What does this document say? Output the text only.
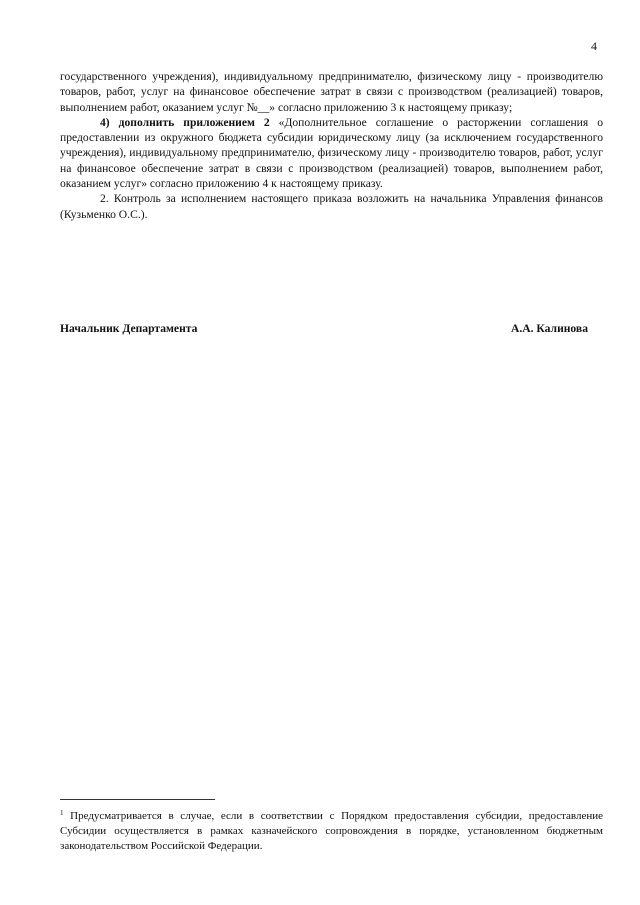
4

государственного учреждения), индивидуальному предпринимателю, физическому лицу - производителю товаров, работ, услуг на финансовое обеспечение затрат в связи с производством (реализацией) товаров, выполнением работ, оказанием услуг №__» согласно приложению 3 к настоящему приказу;

4) дополнить приложением 2 «Дополнительное соглашение о расторжении соглашения о предоставлении из окружного бюджета субсидии юридическому лицу (за исключением государственного учреждения), индивидуальному предпринимателю, физическому лицу - производителю товаров, работ, услуг на финансовое обеспечение затрат в связи с производством (реализацией) товаров, выполнением работ, оказанием услуг» согласно приложению 4 к настоящему приказу.

2. Контроль за исполнением настоящего приказа возложить на начальника Управления финансов (Кузьменко О.С.).

Начальник Департамента	А.А. Калинова
$^1$ Предусматривается в случае, если в соответствии с Порядком предоставления субсидии, предоставление Субсидии осуществляется в рамках казначейского сопровождения в порядке, установленном бюджетным законодательством Российской Федерации.
